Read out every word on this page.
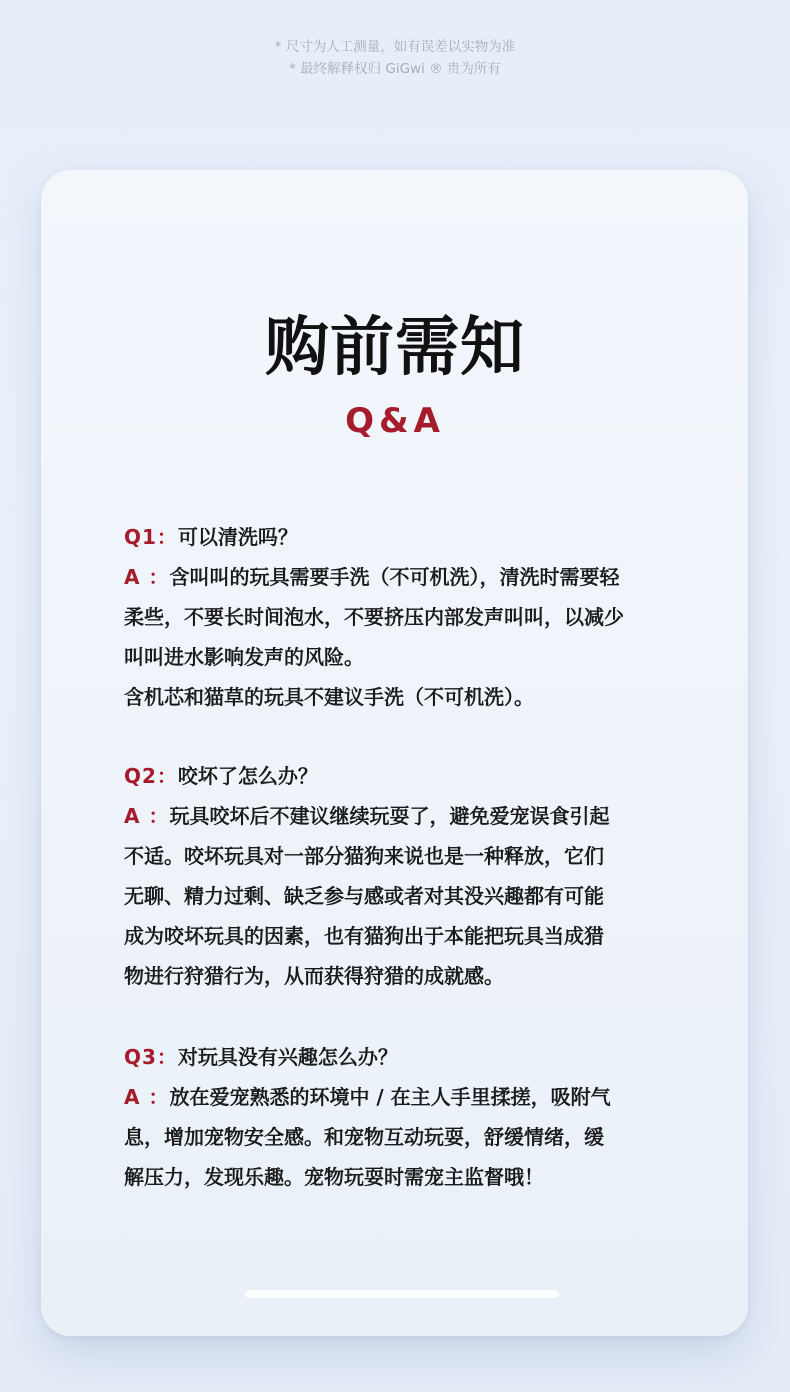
* 尺寸为人工测量，如有误差以实物为准
* 最终解释权归 GiGwi ® 贵为所有
购前需知
Q&A
Q1：可以清洗吗？
A ：含叫叫的玩具需要手洗（不可机洗），清洗时需要轻
柔些，不要长时间泡水，不要挤压内部发声叫叫，以减少
叫叫进水影响发声的风险。
含机芯和猫草的玩具不建议手洗（不可机洗）。
Q2：咬坏了怎么办？
A ：玩具咬坏后不建议继续玩耍了，避免爱宠误食引起
不适。咬坏玩具对一部分猫狗来说也是一种释放，它们
无聊、精力过剩、缺乏参与感或者对其没兴趣都有可能
成为咬坏玩具的因素，也有猫狗出于本能把玩具当成猎
物进行狩猎行为，从而获得狩猎的成就感。
Q3：对玩具没有兴趣怎么办？
A ：放在爱宠熟悉的环境中 / 在主人手里揉搓，吸附气
息，增加宠物安全感。和宠物互动玩耍，舒缓情绪，缓
解压力，发现乐趣。宠物玩耍时需宠主监督哦！
